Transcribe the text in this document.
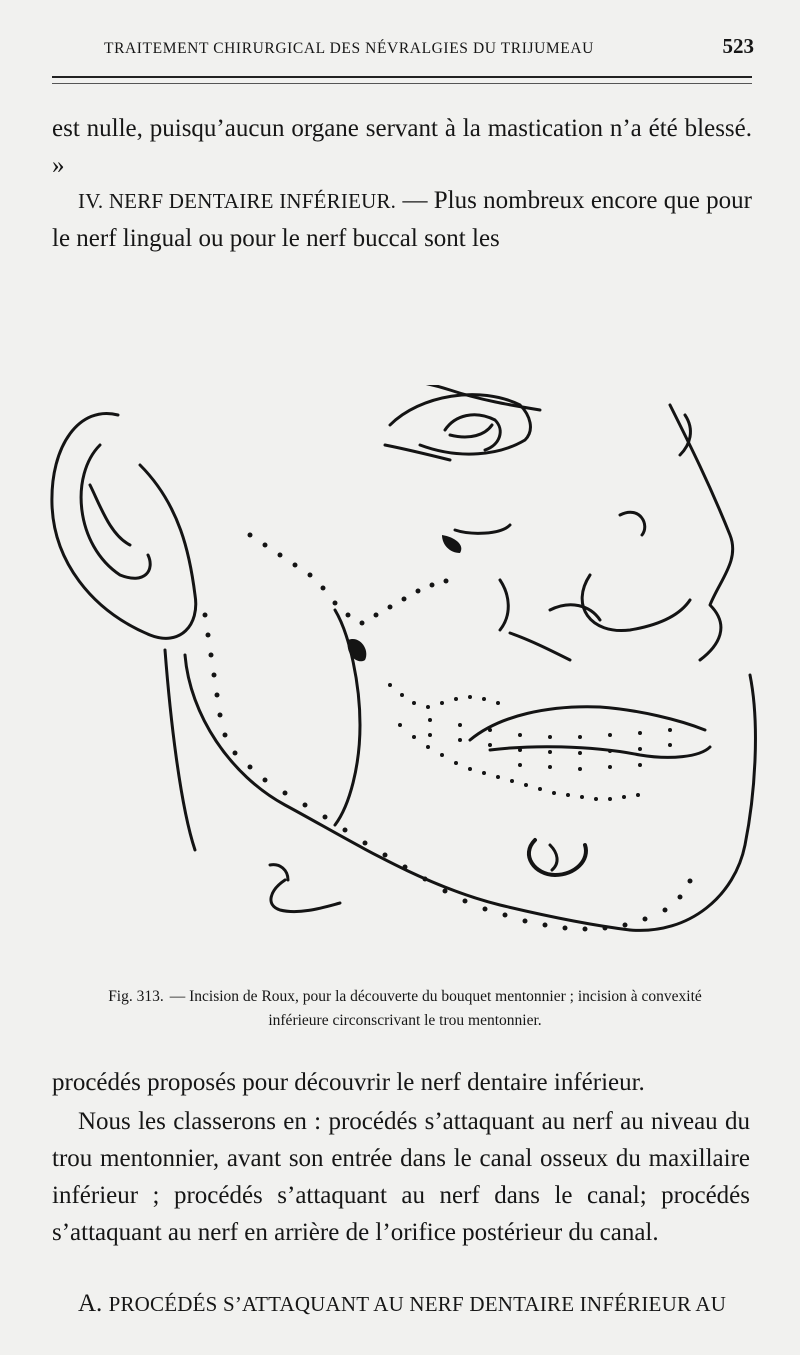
TRAITEMENT CHIRURGICAL DES NÉVRALGIES DU TRIJUMEAU	523
est nulle, puisqu’aucun organe servant à la mastication n’a été blessé. »
IV. NERF DENTAIRE INFÉRIEUR. — Plus nombreux encore que pour le nerf lingual ou pour le nerf buccal sont les
Fig. 313. — Incision de Roux, pour la découverte du bouquet mentonnier ; incision à convexité inférieure circonscrivant le trou mentonnier.
procédés proposés pour découvrir le nerf dentaire inférieur.
Nous les classerons en : procédés s’attaquant au nerf au niveau du trou mentonnier, avant son entrée dans le canal osseux du maxillaire inférieur ; procédés s’attaquant au nerf dans le canal; procédés s’attaquant au nerf en arrière de l’orifice postérieur du canal.
A. PROCÉDÉS S’ATTAQUANT AU NERF DENTAIRE INFÉRIEUR AU
